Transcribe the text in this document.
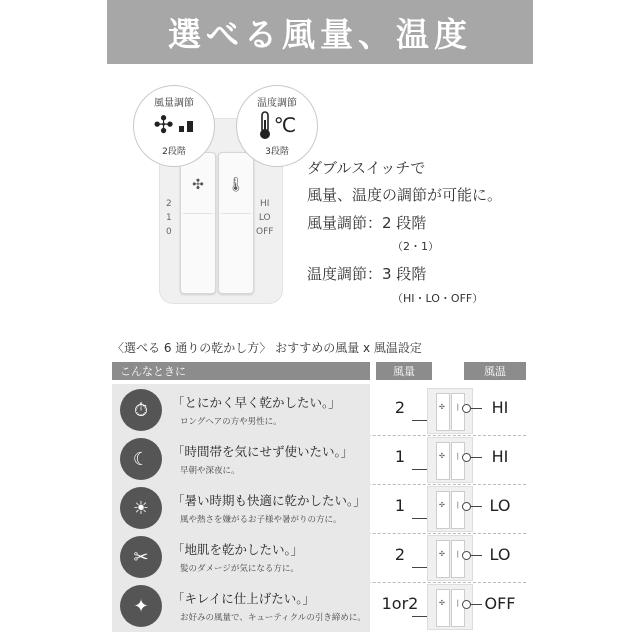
選べる風量、温度
2
1
0
HI
LO
OFF
✣	🌡
風量調節
✣
2段階
温度調節
℃
3段階
ダブルスイッチで
風量、温度の調節が可能に。
風量調節：2 段階
（2・1）
温度調節：3 段階
（HI・LO・OFF）
〈選べる 6 通りの乾かし方〉 おすすめの風量 x 風温設定
こんなときに	風量	風温
⏱ 「とにかく早く乾かしたい。」
ロングヘアの方や男性に。
2	✣ ❘	HI
☾ 「時間帯を気にせず使いたい。」
早朝や深夜に。
1	✣ ❘	HI
☀ 「暑い時期も快適に乾かしたい。」
風や熱さを嫌がるお子様や暑がりの方に。
1	✣ ❘	LO
✂ 「地肌を乾かしたい。」
髪のダメージが気になる方に。
2	✣ ❘	LO
✦ 「キレイに仕上げたい。」
お好みの風量で、キューティクルの引き締めに。
1or2	✣ ❘	OFF
